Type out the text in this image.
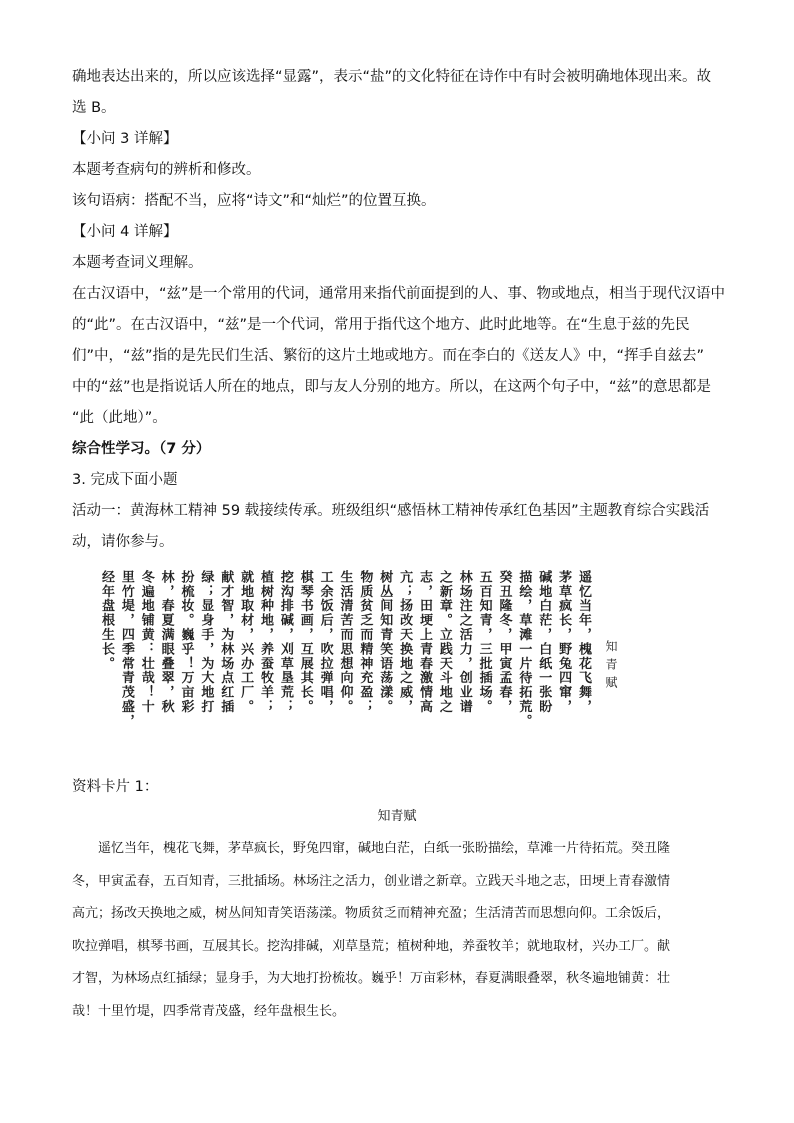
确地表达出来的，所以应该选择“显露”，表示“盐”的文化特征在诗作中有时会被明确地体现出来。故

选 B。

【小问 3 详解】

本题考查病句的辨析和修改。

该句语病：搭配不当，应将“诗文”和“灿烂”的位置互换。

【小问 4 详解】

本题考查词义理解。

在古汉语中，“兹”是一个常用的代词，通常用来指代前面提到的人、事、物或地点，相当于现代汉语中

的“此”。在古汉语中，“兹”是一个代词，常用于指代这个地方、此时此地等。在“生息于兹的先民

们”中，“兹”指的是先民们生活、繁衍的这片土地或地方。而在李白的《送友人》中，“挥手自兹去”

中的“兹”也是指说话人所在的地点，即与友人分别的地方。所以，在这两个句子中，“兹”的意思都是

“此（此地）”。

综合性学习。（7 分）

3. 完成下面小题

活动一：黄海林工精神 59 载接续传承。班级组织“感悟林工精神传承红色基因”主题教育综合实践活

动，请你参与。

遥忆当年，槐花飞舞，
茅草疯长，野兔四窜，
碱地白茫，白纸一张盼
描绘，草滩一片待拓荒。
癸丑隆冬，甲寅孟春，
五百知青，三批插场。
林场注之活力，创业谱
之新章。立践天斗地之
志，田埂上青春激情高
亢；扬改天换地之威，
树丛间知青笑语荡漾。
物质贫乏而精神充盈；
生活清苦而思想向仰。
工余饭后，吹拉弹唱，
棋琴书画，互展其长。
挖沟排碱，刈草垦荒；
植树种地，养蚕牧羊；
就地取材，兴办工厂。
献才智，为林场点红插
绿；显身手，为大地打
扮梳妆。巍乎！万亩彩
林，春夏满眼叠翠，秋
冬遍地铺黄：壮哉！十
里竹堤，四季常青茂盛，
经年盘根生长。	知青赋
资料卡片 1：
知青赋

遥忆当年，槐花飞舞，茅草疯长，野兔四窜，碱地白茫，白纸一张盼描绘，草滩一片待拓荒。癸丑隆

冬，甲寅孟春，五百知青，三批插场。林场注之活力，创业谱之新章。立践天斗地之志，田埂上青春激情

高亢；扬改天换地之威，树丛间知青笑语荡漾。物质贫乏而精神充盈；生活清苦而思想向仰。工余饭后，

吹拉弹唱，棋琴书画，互展其长。挖沟排碱，刈草垦荒；植树种地，养蚕牧羊；就地取材，兴办工厂。献

才智，为林场点红插绿；显身手，为大地打扮梳妆。巍乎！万亩彩林，春夏满眼叠翠，秋冬遍地铺黄：壮

哉！十里竹堤，四季常青茂盛，经年盘根生长。
